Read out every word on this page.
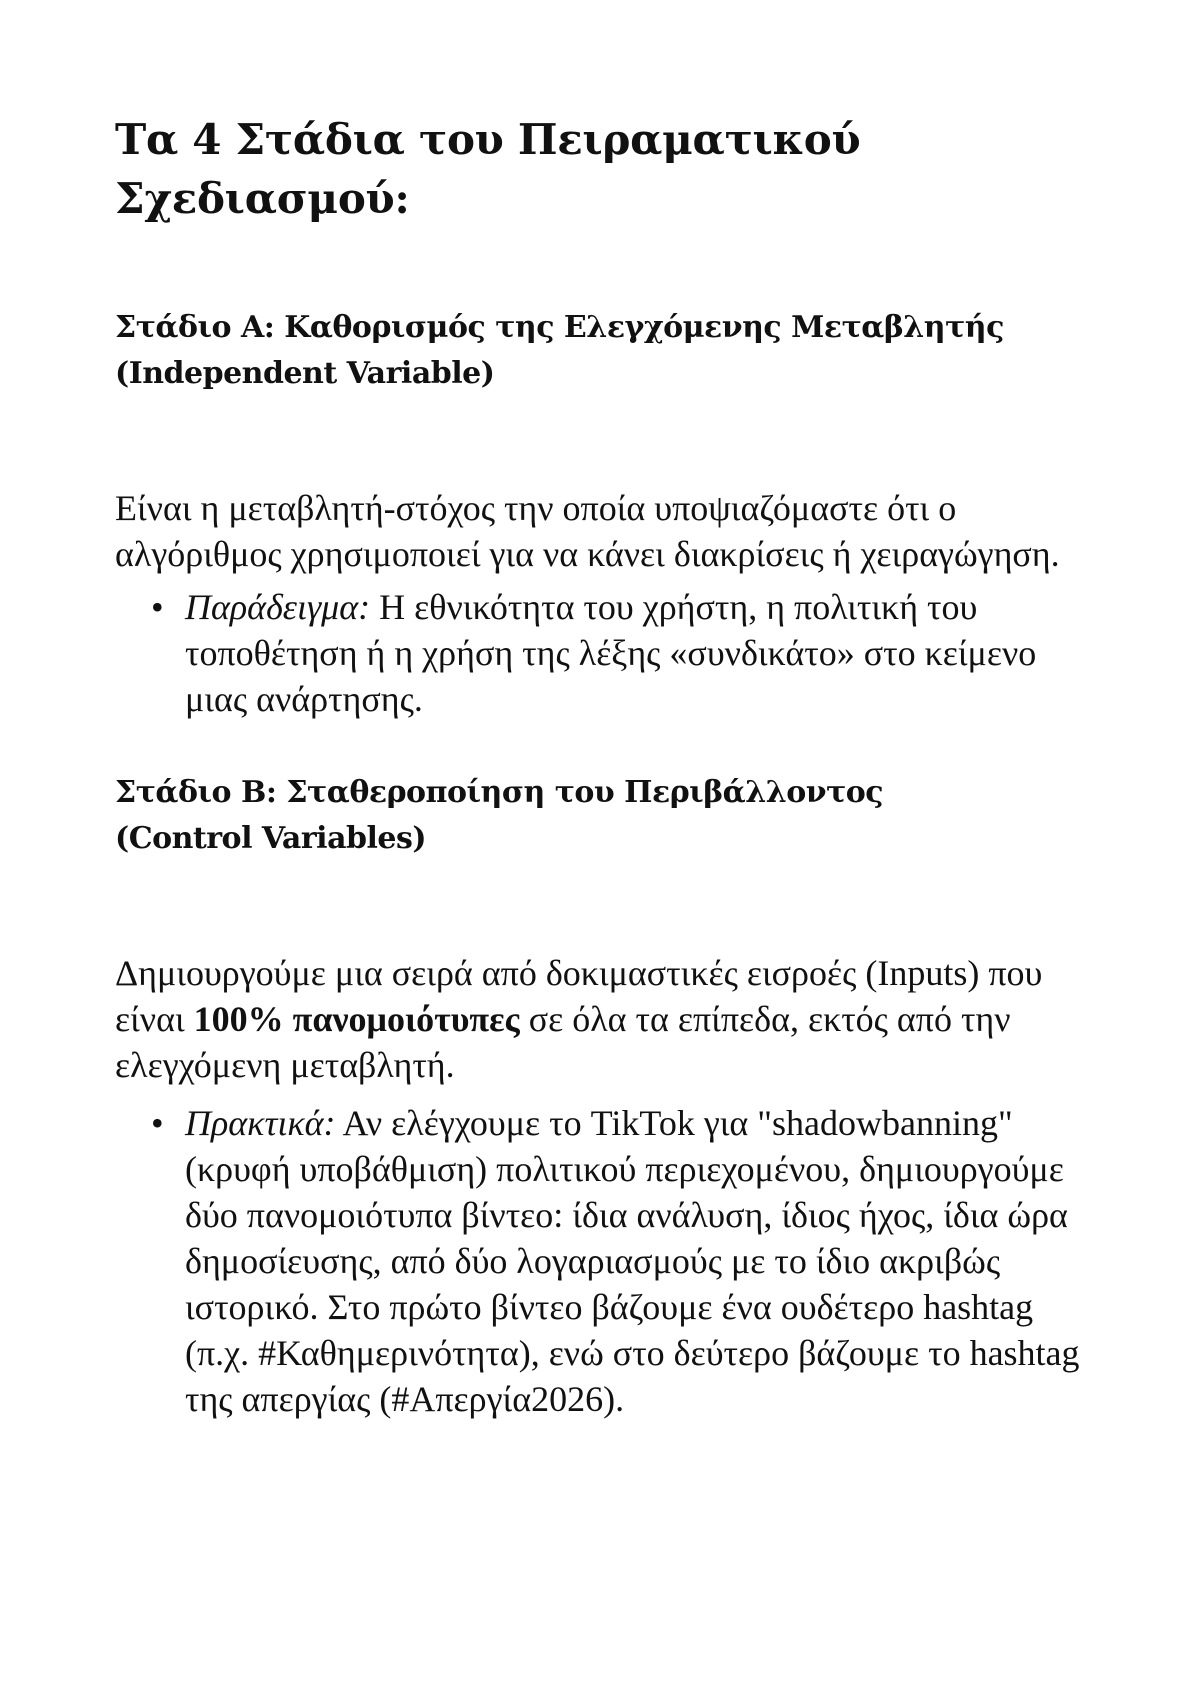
Τα 4 Στάδια του Πειραματικού
Σχεδιασμού:
Στάδιο Α: Καθορισμός της Ελεγχόμενης Μεταβλητής
(Independent Variable)

Είναι η μεταβλητή-στόχος την οποία υποψιαζόμαστε ότι ο αλγόριθμος χρησιμοποιεί για να κάνει διακρίσεις ή χειραγώγηση.

• Παράδειγμα: Η εθνικότητα του χρήστη, η πολιτική του τοποθέτηση ή η χρήση της λέξης «συνδικάτο» στο κείμενο μιας ανάρτησης.
Στάδιο Β: Σταθεροποίηση του Περιβάλλοντος
(Control Variables)

Δημιουργούμε μια σειρά από δοκιμαστικές εισροές (Inputs) που είναι 100% πανομοιότυπες σε όλα τα επίπεδα, εκτός από την ελεγχόμενη μεταβλητή.

• Πρακτικά: Αν ελέγχουμε το TikTok για "shadowbanning" (κρυφή υποβάθμιση) πολιτικού περιεχομένου, δημιουργούμε δύο πανομοιότυπα βίντεο: ίδια ανάλυση, ίδιος ήχος, ίδια ώρα δημοσίευσης, από δύο λογαριασμούς με το ίδιο ακριβώς ιστορικό. Στο πρώτο βίντεο βάζουμε ένα ουδέτερο hashtag (π.χ. #Καθημερινότητα), ενώ στο δεύτερο βάζουμε το hashtag της απεργίας (#Απεργία2026).
